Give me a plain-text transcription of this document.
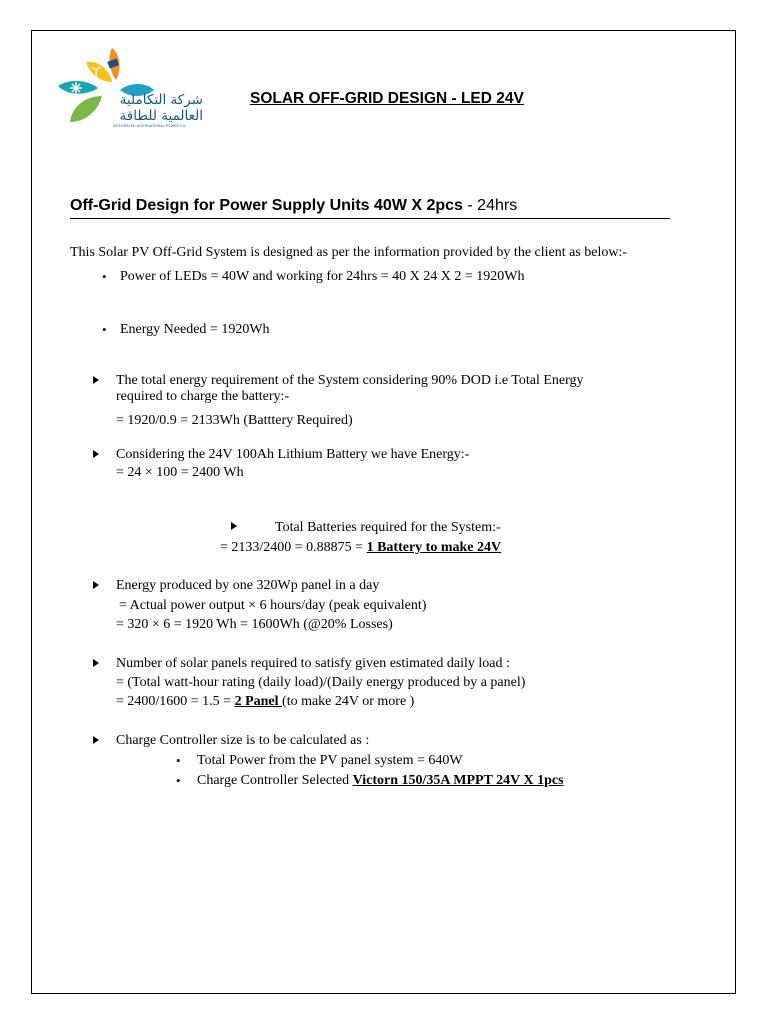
شركة التكاملية
العالمية للطاقة
INTEGRATED INTERNATIONAL POWER CO.
SOLAR OFF-GRID DESIGN - LED 24V
Off-Grid Design for Power Supply Units 40W X 2pcs - 24hrs
This Solar PV Off-Grid System is designed as per the information provided by the client as below:-
• Power of LEDs = 40W and working for 24hrs = 40 X 24 X 2 = 1920Wh
• Energy Needed = 1920Wh
The total energy requirement of the System considering 90% DOD i.e Total Energy
required to charge the battery:-
= 1920/0.9 = 2133Wh (Batttery Required)
Considering the 24V 100Ah Lithium Battery we have Energy:-
= 24 × 100 = 2400 Wh
Total Batteries required for the System:-
= 2133/2400 = 0.88875 = 1 Battery to make 24V
Energy produced by one 320Wp panel in a day
= Actual power output × 6 hours/day (peak equivalent)
= 320 × 6 = 1920 Wh = 1600Wh (@20% Losses)
Number of solar panels required to satisfy given estimated daily load :
= (Total watt-hour rating (daily load)/(Daily energy produced by a panel)
= 2400/1600 = 1.5 = 2 Panel (to make 24V or more )
Charge Controller size is to be calculated as :
• Total Power from the PV panel system = 640W
• Charge Controller Selected Victorn 150/35A MPPT 24V X 1pcs
